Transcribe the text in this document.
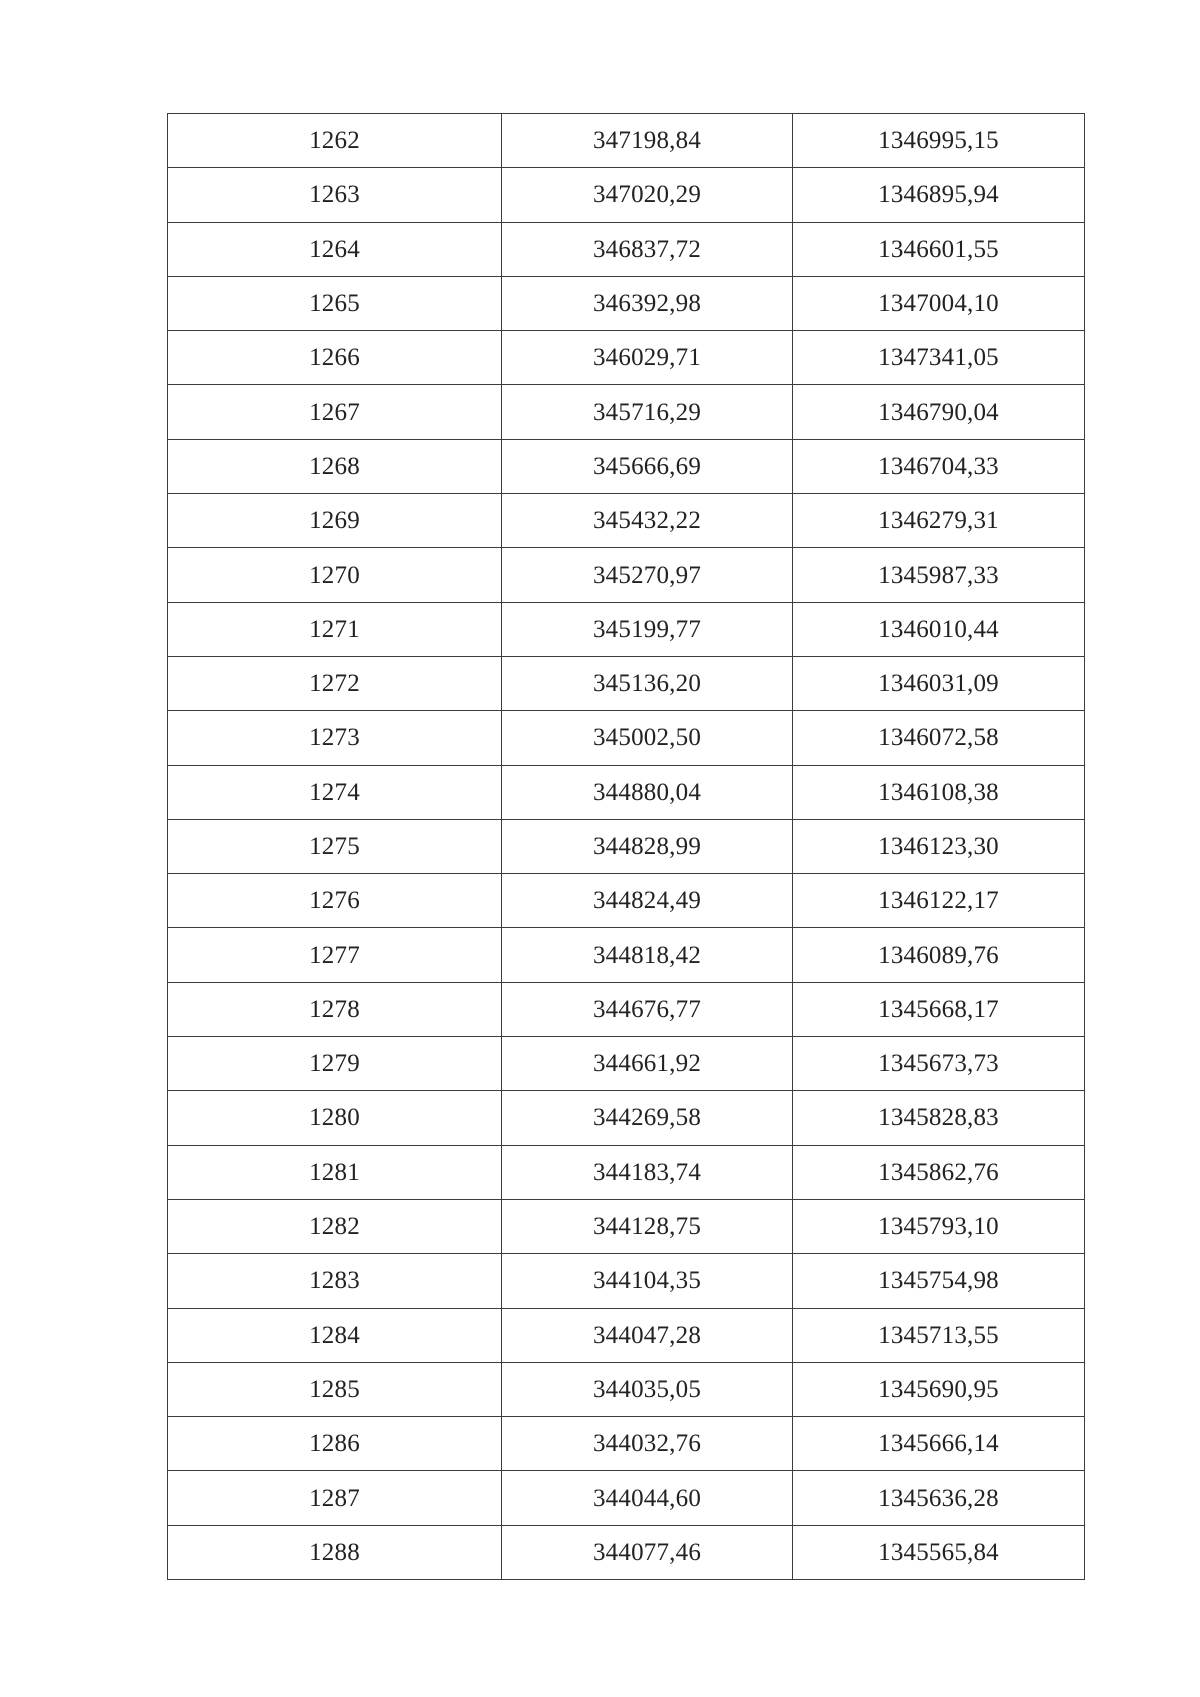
1262	347198,84	1346995,15
1263	347020,29	1346895,94
1264	346837,72	1346601,55
1265	346392,98	1347004,10
1266	346029,71	1347341,05
1267	345716,29	1346790,04
1268	345666,69	1346704,33
1269	345432,22	1346279,31
1270	345270,97	1345987,33
1271	345199,77	1346010,44
1272	345136,20	1346031,09
1273	345002,50	1346072,58
1274	344880,04	1346108,38
1275	344828,99	1346123,30
1276	344824,49	1346122,17
1277	344818,42	1346089,76
1278	344676,77	1345668,17
1279	344661,92	1345673,73
1280	344269,58	1345828,83
1281	344183,74	1345862,76
1282	344128,75	1345793,10
1283	344104,35	1345754,98
1284	344047,28	1345713,55
1285	344035,05	1345690,95
1286	344032,76	1345666,14
1287	344044,60	1345636,28
1288	344077,46	1345565,84
